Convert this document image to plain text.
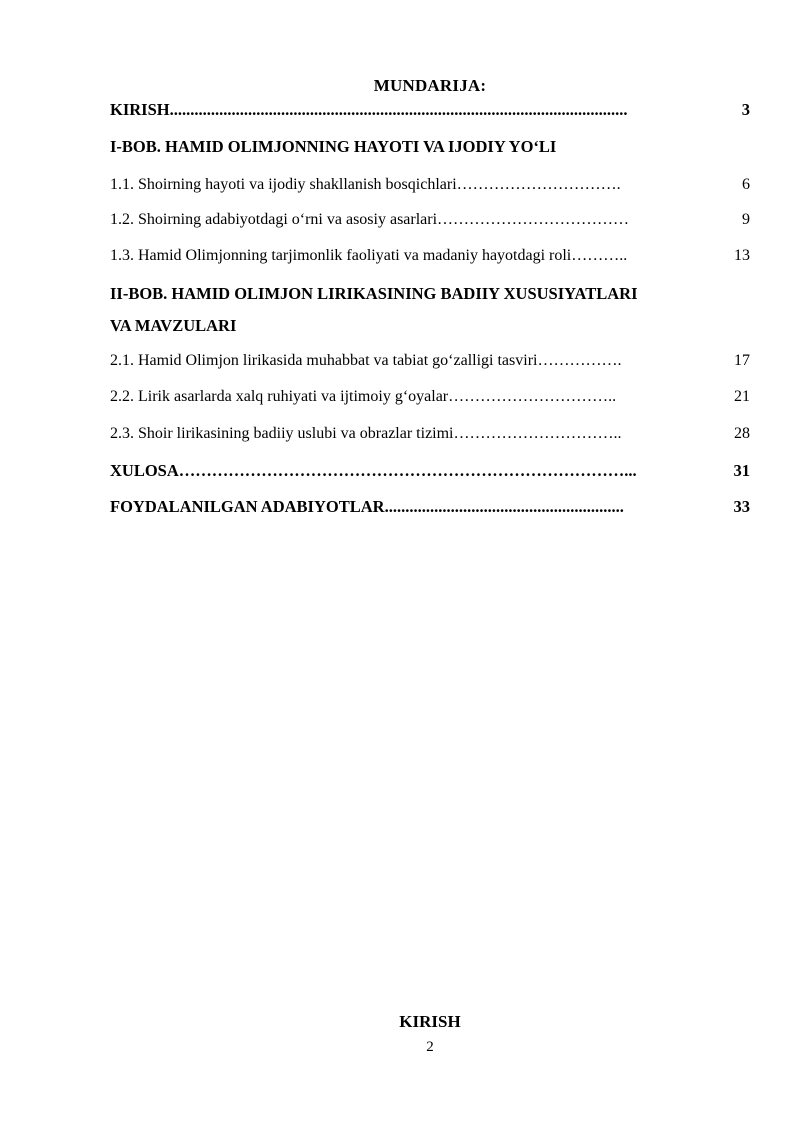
MUNDARIJA:
KIRISH...............................................................................................................	3
I-BOB. HAMID OLIMJONNING HAYOTI VA IJODIY YO‘LI
1.1. Shoirning hayoti va ijodiy shakllanish bosqichlari………………………….	6
1.2. Shoirning adabiyotdagi o‘rni va asosiy asarlari………………………………	9
1.3. Hamid Olimjonning tarjimonlik faoliyati va madaniy hayotdagi roli………..	13
II-BOB. HAMID OLIMJON LIRIKASINING BADIIY XUSUSIYATLARI
VA MAVZULARI
2.1. Hamid Olimjon lirikasida muhabbat va tabiat go‘zalligi tasviri…………….	17
2.2. Lirik asarlarda xalq ruhiyati va ijtimoiy g‘oyalar…………………………..	21
2.3. Shoir lirikasining badiiy uslubi va obrazlar tizimi…………………………..	28
XULOSA………………………………………………………………………...	31
FOYDALANILGAN ADABIYOTLAR..........................................................	33
KIRISH
2
